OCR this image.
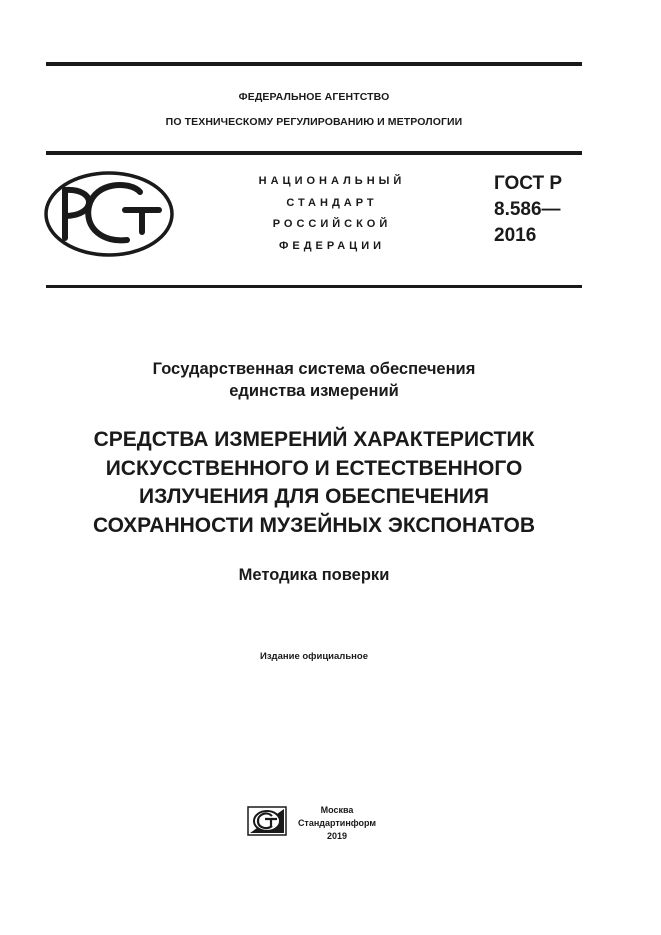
ФЕДЕРАЛЬНОЕ АГЕНТСТВО
ПО ТЕХНИЧЕСКОМУ РЕГУЛИРОВАНИЮ И МЕТРОЛОГИИ
НАЦИОНАЛЬНЫЙ
СТАНДАРТ
РОССИЙСКОЙ
ФЕДЕРАЦИИ
ГОСТ Р
8.586—
2016
Государственная система обеспечения
единства измерений
СРЕДСТВА ИЗМЕРЕНИЙ ХАРАКТЕРИСТИК
ИСКУССТВЕННОГО И ЕСТЕСТВЕННОГО
ИЗЛУЧЕНИЯ ДЛЯ ОБЕСПЕЧЕНИЯ
СОХРАННОСТИ МУЗЕЙНЫХ ЭКСПОНАТОВ
Методика поверки
Издание официальное
Москва
Стандартинформ
2019
